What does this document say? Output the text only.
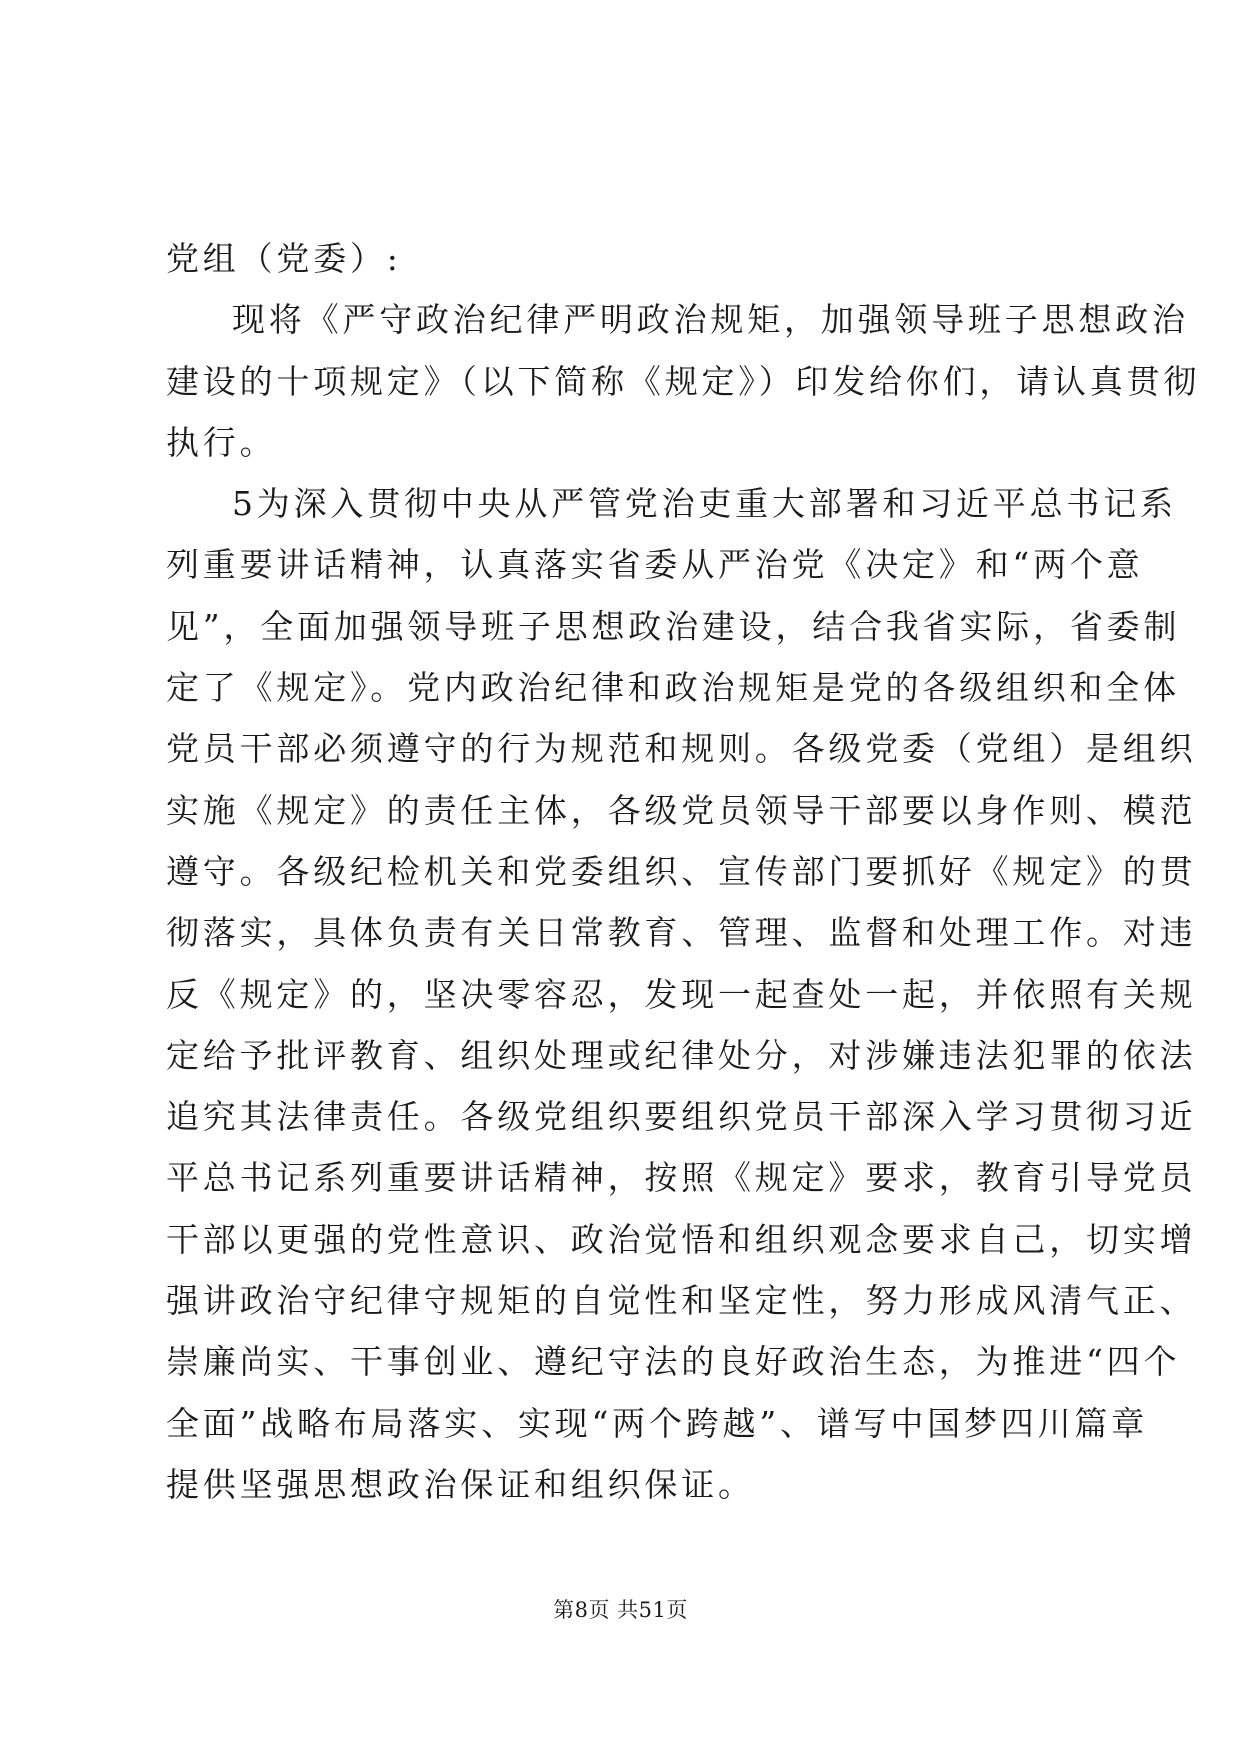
党组（党委）:
现将《严守政治纪律严明政治规矩，加强领导班子思想政治
建设的十项规定》（以下简称《规定》）印发给你们，请认真贯彻
执行。
5为深入贯彻中央从严管党治吏重大部署和习近平总书记系
列重要讲话精神，认真落实省委从严治党《决定》和“两个意
见”，全面加强领导班子思想政治建设，结合我省实际，省委制
定了《规定》。党内政治纪律和政治规矩是党的各级组织和全体
党员干部必须遵守的行为规范和规则。各级党委（党组）是组织
实施《规定》的责任主体，各级党员领导干部要以身作则、模范
遵守。各级纪检机关和党委组织、宣传部门要抓好《规定》的贯
彻落实，具体负责有关日常教育、管理、监督和处理工作。对违
反《规定》的，坚决零容忍，发现一起查处一起，并依照有关规
定给予批评教育、组织处理或纪律处分，对涉嫌违法犯罪的依法
追究其法律责任。各级党组织要组织党员干部深入学习贯彻习近
平总书记系列重要讲话精神，按照《规定》要求，教育引导党员
干部以更强的党性意识、政治觉悟和组织观念要求自己，切实增
强讲政治守纪律守规矩的自觉性和坚定性，努力形成风清气正、
崇廉尚实、干事创业、遵纪守法的良好政治生态，为推进“四个
全面”战略布局落实、实现“两个跨越”、谱写中国梦四川篇章
提供坚强思想政治保证和组织保证。
第8页 共51页
